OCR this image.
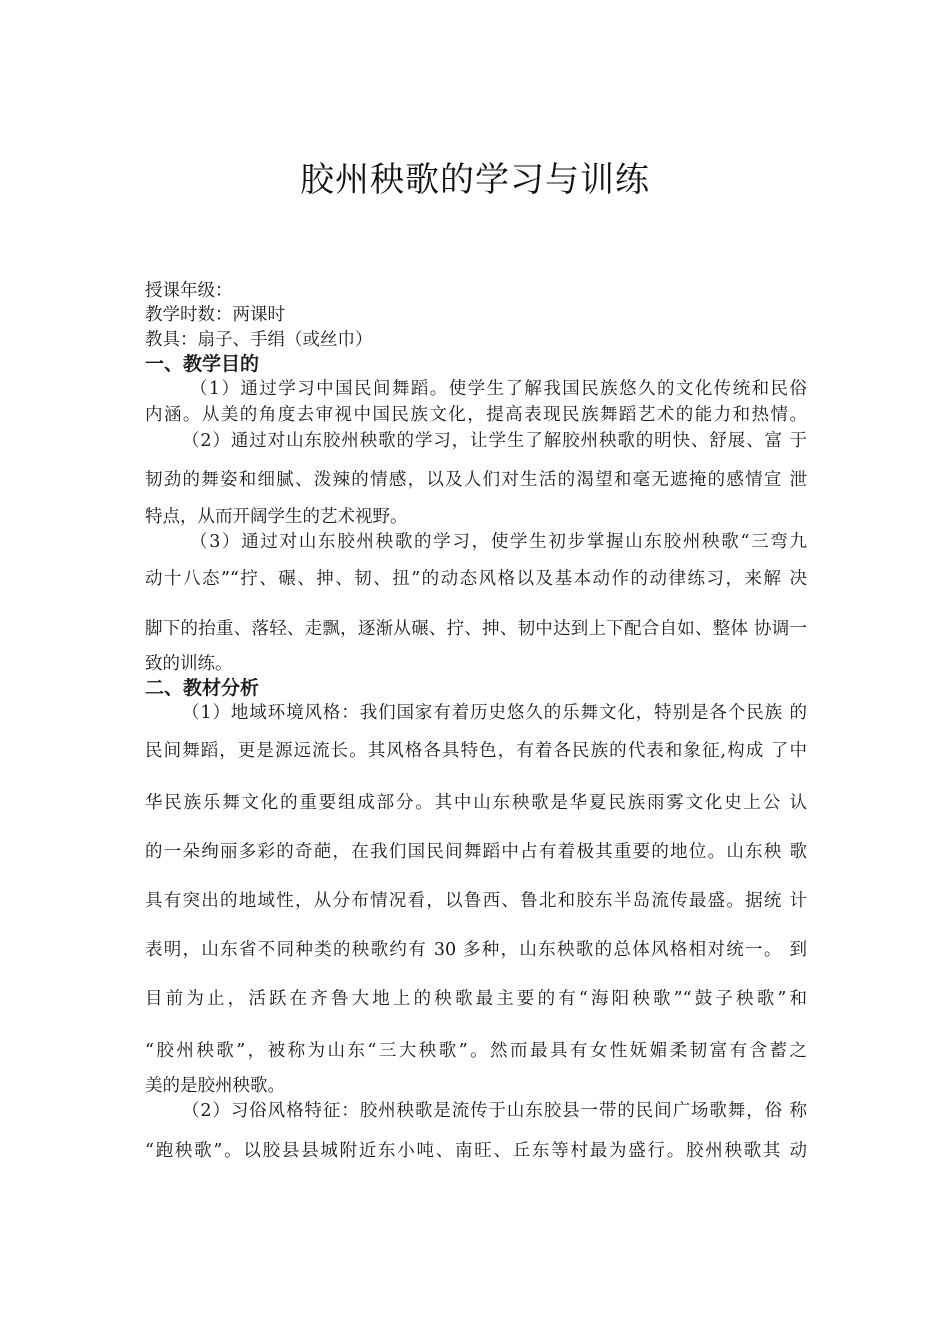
胶州秧歌的学习与训练
授课年级：
教学时数：两课时
教具：扇子、手绢（或丝巾）
一、教学目的
（1）通过学习中国民间舞蹈。使学生了解我国民族悠久的文化传统和民俗
内涵。从美的角度去审视中国民族文化，提高表现民族舞蹈艺术的能力和热情。
（2）通过对山东胶州秧歌的学习，让学生了解胶州秧歌的明快、舒展、富 于
韧劲的舞姿和细腻、泼辣的情感，以及人们对生活的渴望和毫无遮掩的感情宣 泄
特点，从而开阔学生的艺术视野。
（3）通过对山东胶州秧歌的学习，使学生初步掌握山东胶州秧歌“三弯九
动十八态”“拧、碾、抻、韧、扭”的动态风格以及基本动作的动律练习，来解 决
脚下的抬重、落轻、走飘，逐渐从碾、拧、抻、韧中达到上下配合自如、整体 协调一
致的训练。
二、教材分析
（1）地域环境风格：我们国家有着历史悠久的乐舞文化，特别是各个民族 的
民间舞蹈，更是源远流长。其风格各具特色，有着各民族的代表和象征,构成 了中
华民族乐舞文化的重要组成部分。其中山东秧歌是华夏民族雨雾文化史上公 认
的一朵绚丽多彩的奇葩，在我们国民间舞蹈中占有着极其重要的地位。山东秧 歌
具有突出的地域性，从分布情况看，以鲁西、鲁北和胶东半岛流传最盛。据统 计
表明，山东省不同种类的秧歌约有 30 多种，山东秧歌的总体风格相对统一。 到
目前为止，活跃在齐鲁大地上的秧歌最主要的有“海阳秧歌”“鼓子秧歌”和
“胶州秧歌”，被称为山东“三大秧歌”。然而最具有女性妩媚柔韧富有含蓄之
美的是胶州秧歌。
（2）习俗风格特征：胶州秧歌是流传于山东胶县一带的民间广场歌舞，俗 称
“跑秧歌”。以胶县县城附近东小吨、南旺、丘东等村最为盛行。胶州秧歌其 动
